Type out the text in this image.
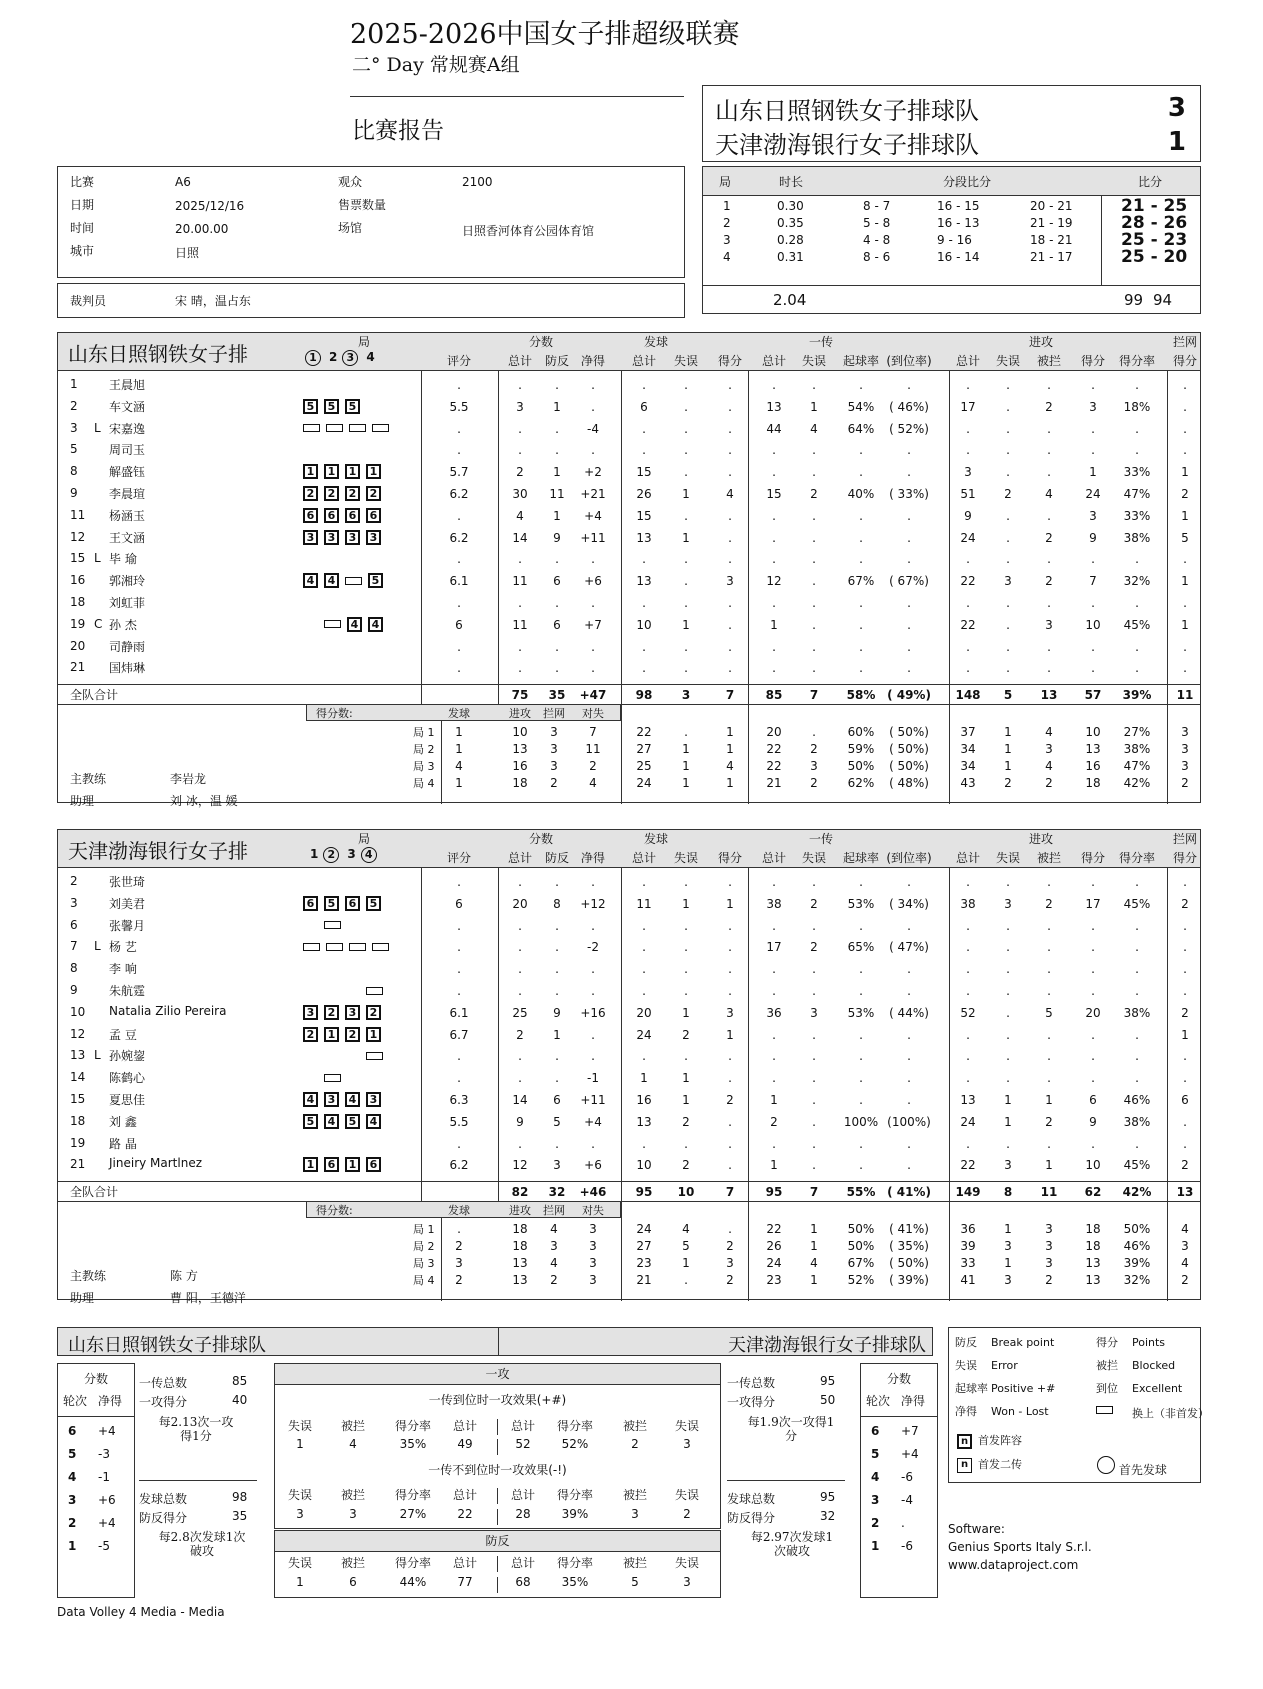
2025-2026中国女子排超级联赛
二° Day 常规赛A组
比赛报告
山东日照钢铁女子排球队	3
天津渤海银行女子排球队	1
比赛	A6	观众	2100
日期	2025/12/16	售票数量
时间	20.00.00	场馆	日照香河体育公园体育馆
城市	日照
裁判员	宋 晴，温占东
局	时长	分段比分	比分
1	0.30	8 - 7	16 - 15	20 - 21	21 - 25
2	0.35	5 - 8	16 - 13	21 - 19	28 - 26
3	0.28	4 - 8	9 - 16	18 - 21	25 - 23
4	0.31	8 - 6	16 - 14	21 - 17	25 - 20
2.04	99 94
山东日照钢铁女子排	局
1 2 3 4
分数	发球	一传	进攻	拦网
评分	总计	防反 净得	总计	失误	得分	总计	失误	起球率 (到位率)	总计	失误	被拦	得分	得分率	得分
1	王晨旭	.	.	.	.	.	.	.	.	.	.	.	.	.	.	.	.	.
2	车文涵	5 5 5	5.5	3	1	.	6	.	.	13	1	54%	( 46%)	17	.	2	3	18%	.
3 L 宋嘉逸	.	.	.	-4	.	.	.	44	4	64%	( 52%)	.	.	.	.	.	.
5	周司玉	.	.	.	.	.	.	.	.	.	.	.	.	.	.	.	.	.
8	解盛钰	1 1 1 1	5.7	2	1	+2	15	.	.	.	.	.	.	3	.	.	1	33%	1
9	李晨瑄	2 2 2 2	6.2	30	11	+21	26	1	4	15	2	40%	( 33%)	51	2	4	24	47%	2
11 杨涵玉	6 6 6 6	.	4	1	+4	15	.	.	.	.	.	.	9	.	.	3	33%	1
12 王文涵	3 3 3 3	6.2	14	9	+11	13	1	.	.	.	.	.	24	.	2	9	38%	5
15 L 毕 瑜	.	.	.	.	.	.	.	.	.	.	.	.	.	.	.	.	.
16 郭湘玲	4 4	5	6.1	11	6	+6	13	.	3	12	.	67%	( 67%)	22	3	2	7	32%	1
18 刘虹菲	.	.	.	.	.	.	.	.	.	.	.	.	.	.	.	.	.
19 C 孙 杰	4 4	6	11	6	+7	10	1	.	1	.	.	.	22	.	3	10	45%	1
20 司静雨	.	.	.	.	.	.	.	.	.	.	.	.	.	.	.	.	.
21 国炜琳	.	.	.	.	.	.	.	.	.	.	.	.	.	.	.	.	.
全队合计	75	35	+47	98	3	7	85	7	58% ( 49%)	148	5	13	57	39%	11
得分数:	发球	进攻	拦网	对失
局 1	1	10	3	7	22	.	1	20	.	60%	( 50%)	37	1	4	10	27%	3
局 2	1	13	3	11	27	1	1	22	2	59%	( 50%)	34	1	3	13	38%	3
局 3	4	16	3	2	25	1	4	22	3	50%	( 50%)	34	1	4	16	47%	3
局 4	1	18	2	4	24	1	1	21	2	62%	( 48%)	43	2	2	18	42%	2
主教练	李岩龙
助理	刘 冰，温 媛
天津渤海银行女子排	局
1 2 3 4
分数	发球	一传	进攻	拦网
评分	总计	防反 净得	总计	失误	得分	总计	失误	起球率 (到位率)	总计	失误	被拦	得分	得分率	得分
2	张世琦	.	.	.	.	.	.	.	.	.	.	.	.	.	.	.	.	.
3	刘美君	6 5 6 5	6	20	8	+12	11	1	1	38	2	53%	( 34%)	38	3	2	17	45%	2
6	张馨月	.	.	.	.	.	.	.	.	.	.	.	.	.	.	.	.	.
7 L 杨 艺	.	.	.	-2	.	.	.	17	2	65%	( 47%)	.	.	.	.	.	.
8	李 响	.	.	.	.	.	.	.	.	.	.	.	.	.	.	.	.	.
9	朱航霆	.	.	.	.	.	.	.	.	.	.	.	.	.	.	.	.	.
10 Natalia Zilio Pereira	3 2 3 2	6.1	25	9	+16	20	1	3	36	3	53%	( 44%)	52	.	5	20	38%	2
12 孟 豆	2 1 2 1	6.7	2	1	.	24	2	1	.	.	.	.	.	.	.	.	.	1
13 L 孙婉鋆	.	.	.	.	.	.	.	.	.	.	.	.	.	.	.	.	.
14 陈鹤心	.	.	.	-1	1	1	.	.	.	.	.	.	.	.	.	.	.
15 夏思佳	4 3 4 3	6.3	14	6	+11	16	1	2	1	.	.	.	13	1	1	6	46%	6
18 刘 鑫	5 4 5 4	5.5	9	5	+4	13	2	.	2	.	100% (100%)	24	1	2	9	38%	.
19 路 晶	.	.	.	.	.	.	.	.	.	.	.	.	.	.	.	.	.
21 Jineiry Martlnez	1 6 1 6	6.2	12	3	+6	10	2	.	1	.	.	.	22	3	1	10	45%	2
全队合计	82	32	+46	95	10	7	95	7	55% ( 41%)	149	8	11	62	42%	13
得分数:	发球	进攻	拦网	对失
局 1	.	18	4	3	24	4	.	22	1	50%	( 41%)	36	1	3	18	50%	4
局 2	2	18	3	3	27	5	2	26	1	50%	( 35%)	39	3	3	18	46%	3
局 3	3	13	4	3	23	1	3	24	4	67%	( 50%)	33	1	3	13	39%	4
局 4	2	13	2	3	21	.	2	23	1	52%	( 39%)	41	3	2	13	32%	2
主教练	陈 方
助理	曹 阳，王德洋
山东日照钢铁女子排球队	天津渤海银行女子排球队
分数
轮次 净得
6 +4
5 -3
4 -1
3 +6
2 +4
1 -5
分数
轮次 净得
6 +7
5 +4
4 -6
3 -4
2 .
1 -6
一传总数	85
一攻得分	40
每2.13次一攻得1分
发球总数	98
防反得分	35
每2.8次发球1次破攻
一传总数	95
一攻得分	50
每1.9次一攻得1分
发球总数	95
防反得分	32
每2.97次发球1次破攻
一攻
一传到位时一攻效果(+#)
失误	被拦	得分率	总计	总计	得分率	被拦	失误
1	4	35%	49	52	52%	2	3
一传不到位时一攻效果(-!)
失误	被拦	得分率	总计	总计	得分率	被拦	失误
3	3	27%	22	28	39%	3	2
防反
失误	被拦	得分率	总计	总计	得分率	被拦	失误
1	6	44%	77	68	35%	5	3
防反 Break point	得分 Points
失误 Error	被拦 Blocked
起球率 Positive +#	到位 Excellent
净得 Won - Lost	换上（非首发）
n 首发阵容
n 首发二传	首先发球
Software:
Genius Sports Italy S.r.l.
www.dataproject.com
Data Volley 4 Media - Media
